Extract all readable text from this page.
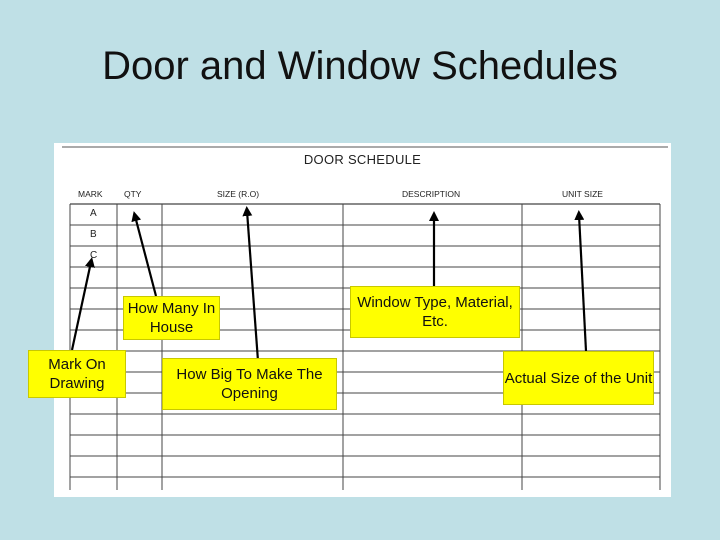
Door and Window Schedules
DOOR SCHEDULE
MARK	QTY	SIZE (R.O)	DESCRIPTION	UNIT SIZE
A
B
C
How Many In House
Window Type, Material, Etc.
Mark On Drawing
How Big To Make The Opening
Actual Size of the Unit
